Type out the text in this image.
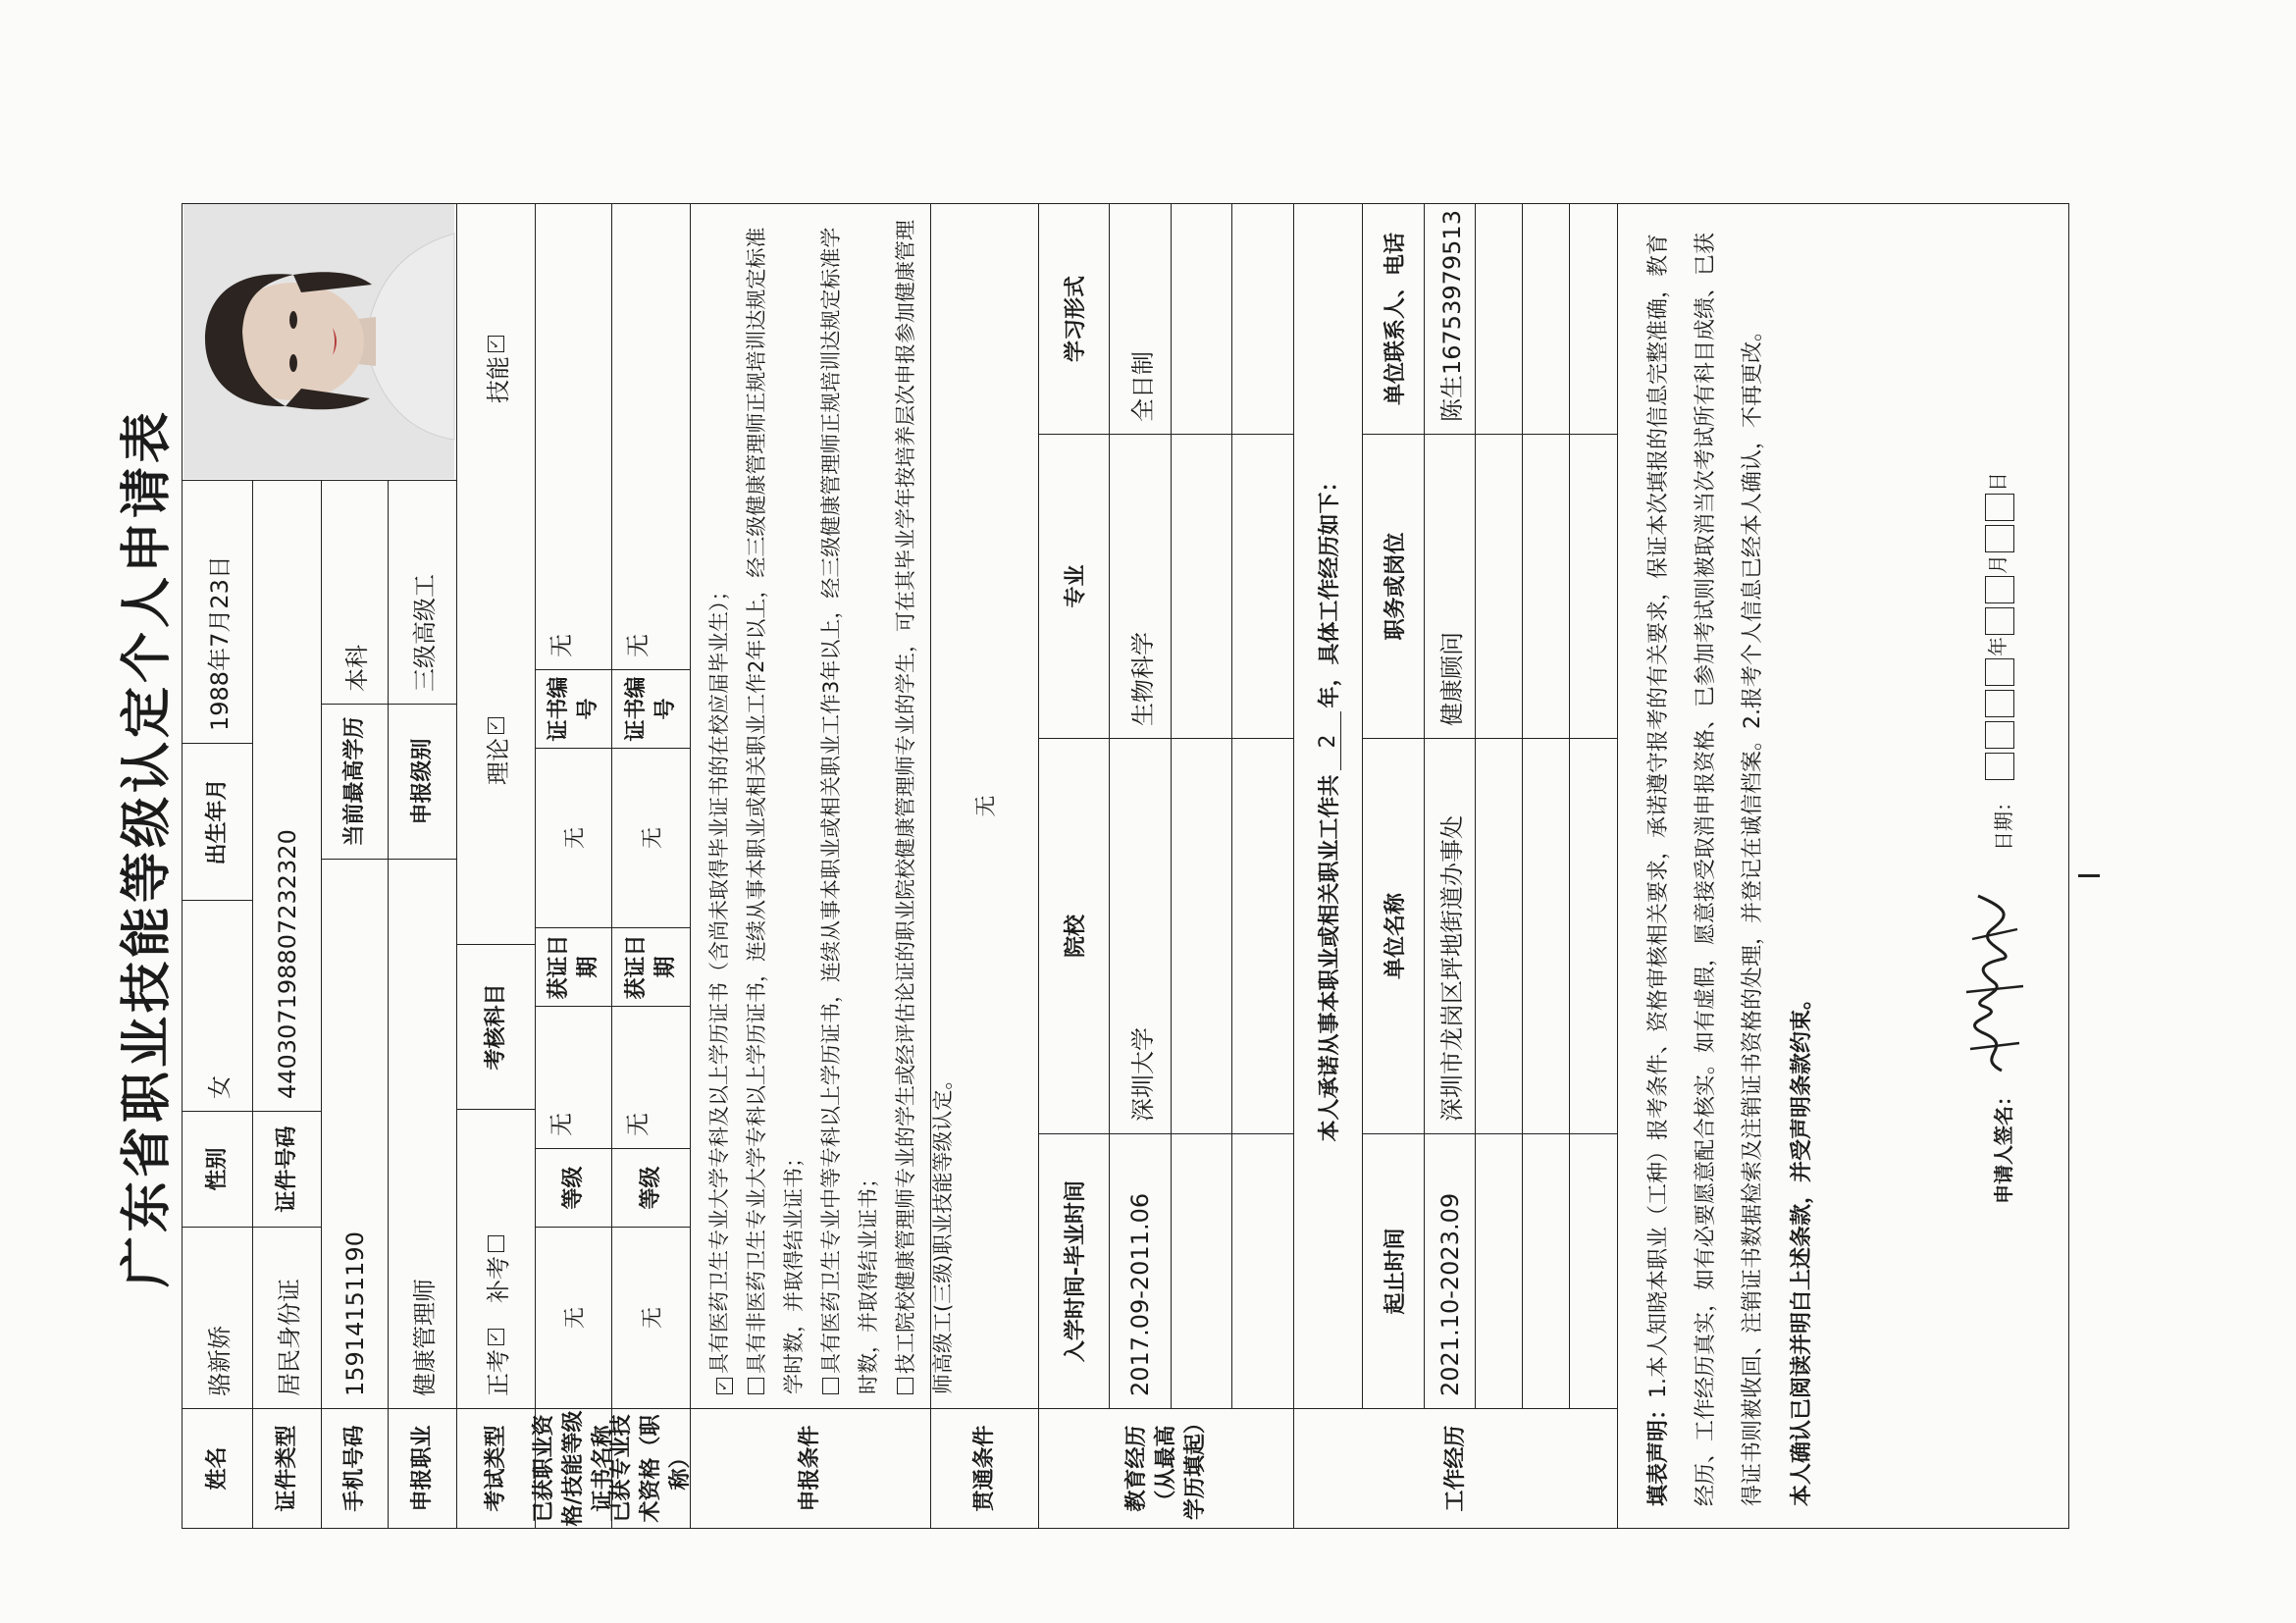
广东省职业技能等级认定个人申请表
姓名
骆新娇
性别
女
出生年月
1988年7月23日
证件类型
居民身份证
证件号码
440307198807232320
手机号码
15914151190
当前最高学历
本科
申报职业
健康管理师
申报级别
三级高级工
考试类型
正考
✓
补考
考核科目
理论
✓
技能
✓
已获职业资格/技能等级证书名称
无
等级
无
获证日期
无
证书编号
无
已获专业技术资格（职称）
无
等级
无
获证日期
无
证书编号
无
申报条件
✓具有医药卫生专业大学专科及以上学历证书（含尚未取得毕业证书的在校应届毕业生）； 具有非医药卫生专业大学专科以上学历证书，连续从事本职业或相关职业工作2年以上，经三级健康管理师正规培训达规定标准学时数，并取得结业证书； 具有医药卫生专业中等专科以上学历证书，连续从事本职业或相关职业工作3年以上，经三级健康管理师正规培训达规定标准学时数，并取得结业证书； 技工院校健康管理师专业的学生或经评估论证的职业院校健康管理师专业的学生，可在其毕业学年按培养层次申报参加健康管理师高级工(三级)职业技能等级认定。
贯通条件
无
教育经历（从最高学历填起）
入学时间-毕业时间
院校
专业
学习形式
2017.09-2011.06
深圳大学
生物科学
全日制
工作经历
本人承诺从事本职业或相关职业工作共
2
年，具体工作经历如下：
起止时间
单位名称
职务或岗位
单位联系人、电话
2021.10-2023.09
深圳市龙岗区坪地街道办事处
健康顾问
陈生16753979513
填表声明：1.本人知晓本职业（工种）报考条件、资格审核相关要求，承诺遵守报考的有关要求，保证本次填报的信息完整准确，教育经历、工作经历真实，如有必要愿意配合核实。如有虚假，愿意接受取消申报资格、已参加考试则被取消当次考试所有科目成绩、已获得证书则被收回、注销证书数据检索及注销证书资格的处理，并登记在诚信档案。2.报考个人信息已经本人确认，不再更改。	本人确认已阅读并明白上述条款，并受声明条款约束。	申请人签名：
日期：
年月日
